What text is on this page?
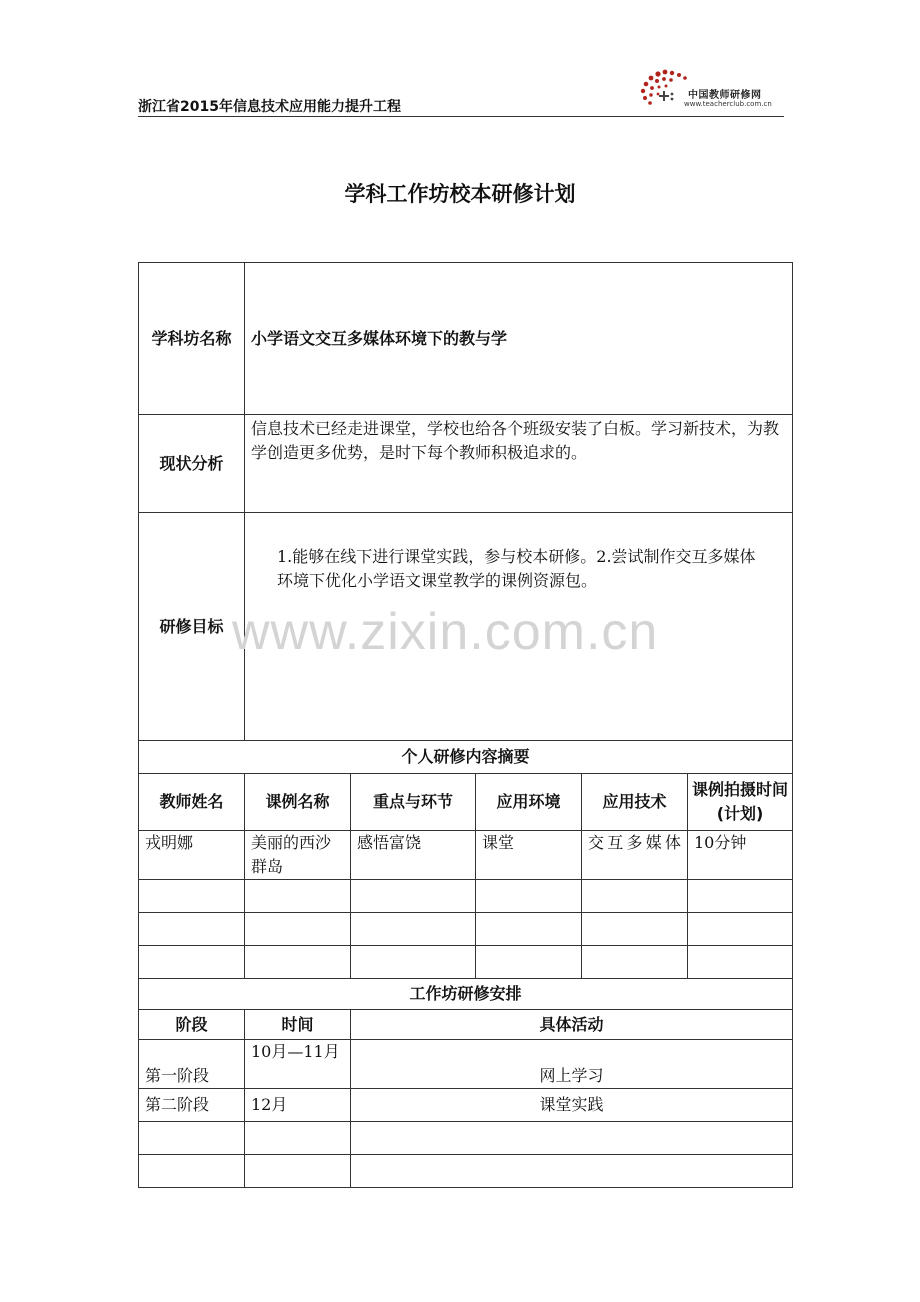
浙江省2015年信息技术应用能力提升工程
中国教师研修网
www.teacherclub.com.cn
学科工作坊校本研修计划
学科坊名称	小学语文交互多媒体环境下的教与学				
现状分析	信息技术已经走进课堂，学校也给各个班级安装了白板。学习新技术，为教学创造更多优势，是时下每个教师积极追求的。				
研修目标	1.能够在线下进行课堂实践，参与校本研修。2.尝试制作交互多媒体环境下优化小学语文课堂教学的课例资源包。				
个人研修内容摘要					
教师姓名	课例名称	重点与环节	应用环境	应用技术	课例拍摄时间(计划)
戎明娜	美丽的西沙群岛	感悟富饶	课堂	交互多媒体	10分钟

工作坊研修安排					
阶段	时间	具体活动			
第一阶段	10月—11月	网上学习			
第二阶段	12月	课堂实践			

www.zixin.com.cn
